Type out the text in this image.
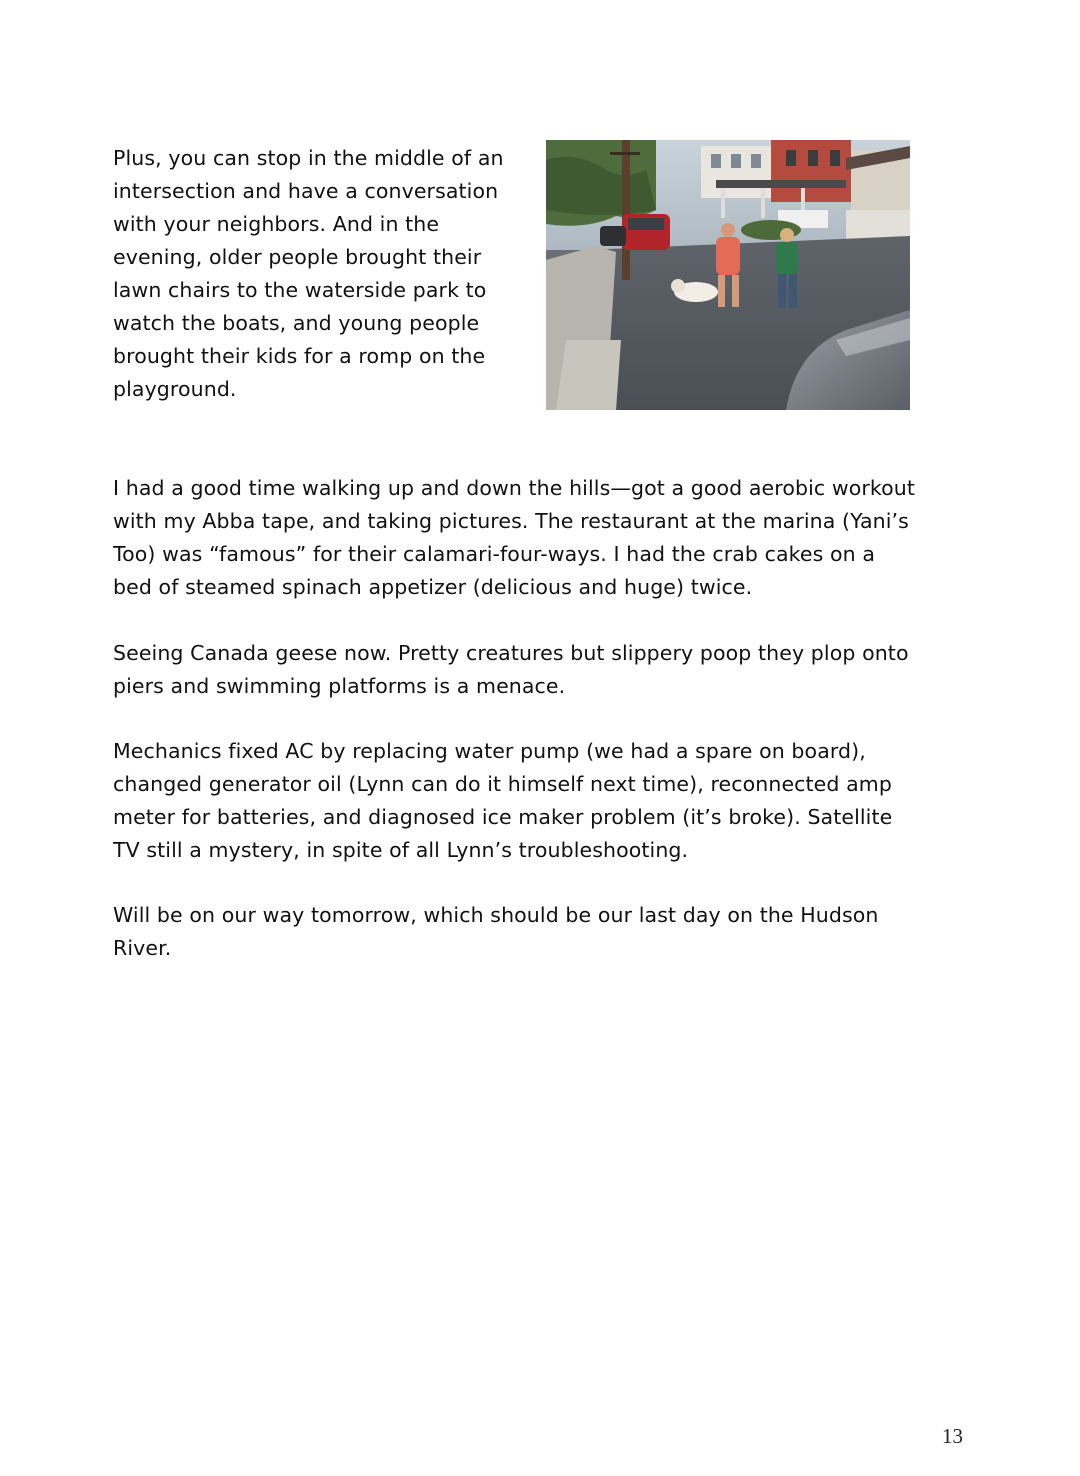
Plus, you can stop in the middle of an
intersection and have a conversation
with your neighbors. And in the
evening, older people brought their
lawn chairs to the waterside park to
watch the boats, and young people
brought their kids for a romp on the
playground.
I had a good time walking up and down the hills—got a good aerobic workout
with my Abba tape, and taking pictures. The restaurant at the marina (Yani’s
Too) was “famous” for their calamari-four-ways. I had the crab cakes on a
bed of steamed spinach appetizer (delicious and huge) twice.
Seeing Canada geese now. Pretty creatures but slippery poop they plop onto
piers and swimming platforms is a menace.
Mechanics fixed AC by replacing water pump (we had a spare on board),
changed generator oil (Lynn can do it himself next time), reconnected amp
meter for batteries, and diagnosed ice maker problem (it’s broke). Satellite
TV still a mystery, in spite of all Lynn’s troubleshooting.
Will be on our way tomorrow, which should be our last day on the Hudson
River.
13
